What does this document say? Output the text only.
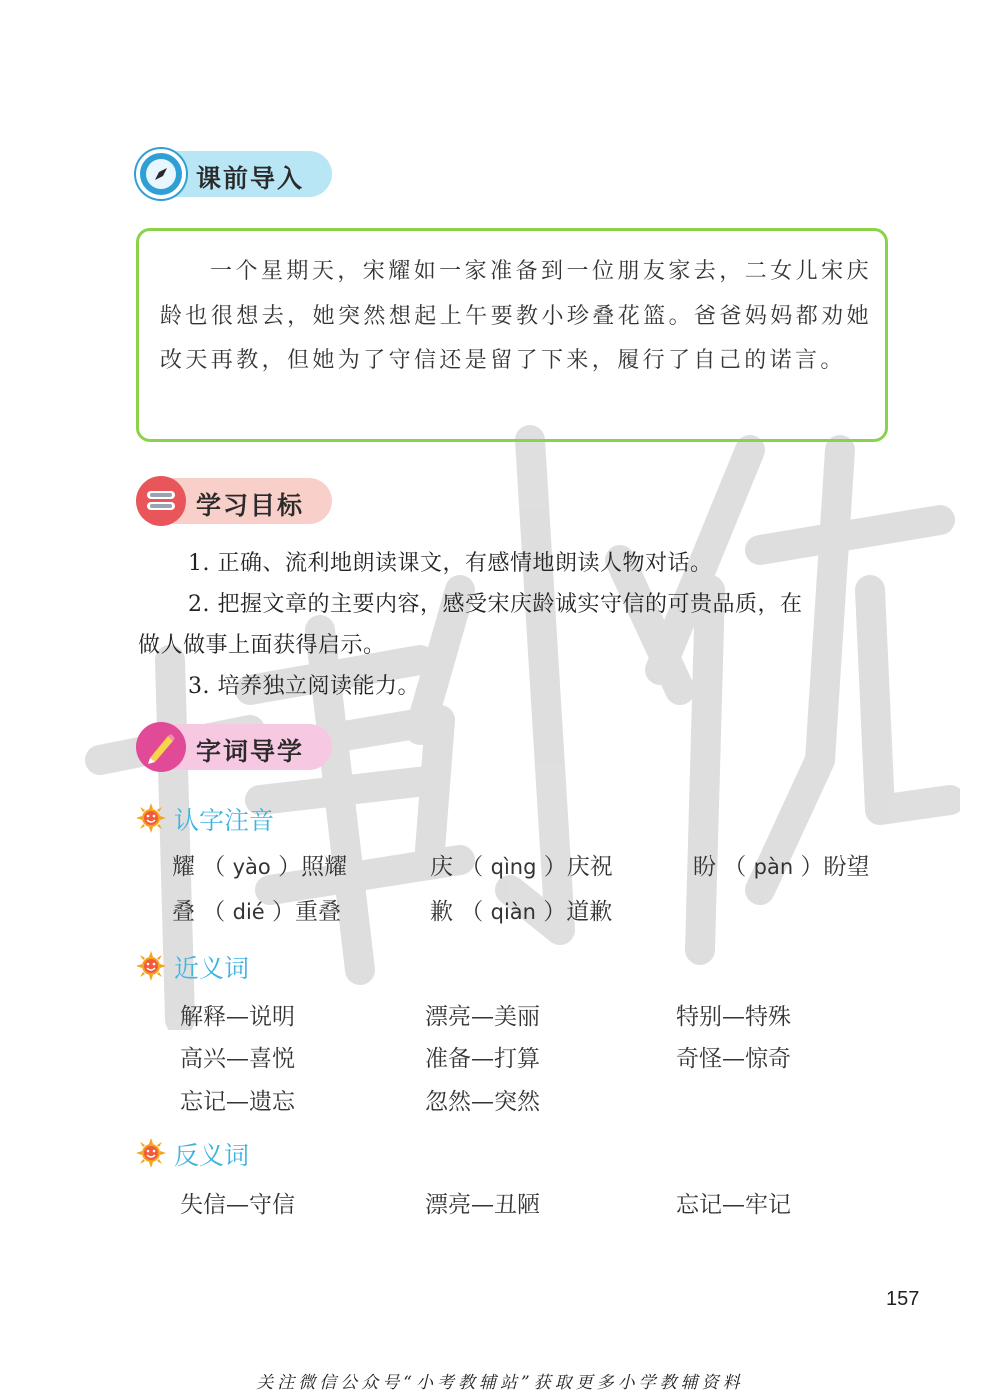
课前导入
一个星期天，宋耀如一家准备到一位朋友家去，二女儿宋庆龄也很想去，她突然想起上午要教小珍叠花篮。爸爸妈妈都劝她改天再教，但她为了守信还是留了下来，履行了自己的诺言。
学习目标
1. 正确、流利地朗读课文，有感情地朗读人物对话。
2. 把握文章的主要内容，感受宋庆龄诚实守信的可贵品质，在
做人做事上面获得启示。
3. 培养独立阅读能力。
字词导学
认字注音
耀 （ yào ）照耀	庆 （ qìng ）庆祝	盼 （ pàn ）盼望
叠 （ dié ）重叠	歉 （ qiàn ）道歉
近义词
解释—说明	漂亮—美丽	特别—特殊
高兴—喜悦	准备—打算	奇怪—惊奇
忘记—遗忘	忽然—突然
反义词
失信—守信	漂亮—丑陋	忘记—牢记
157
关注微信公众号“小考教辅站”获取更多小学教辅资料
